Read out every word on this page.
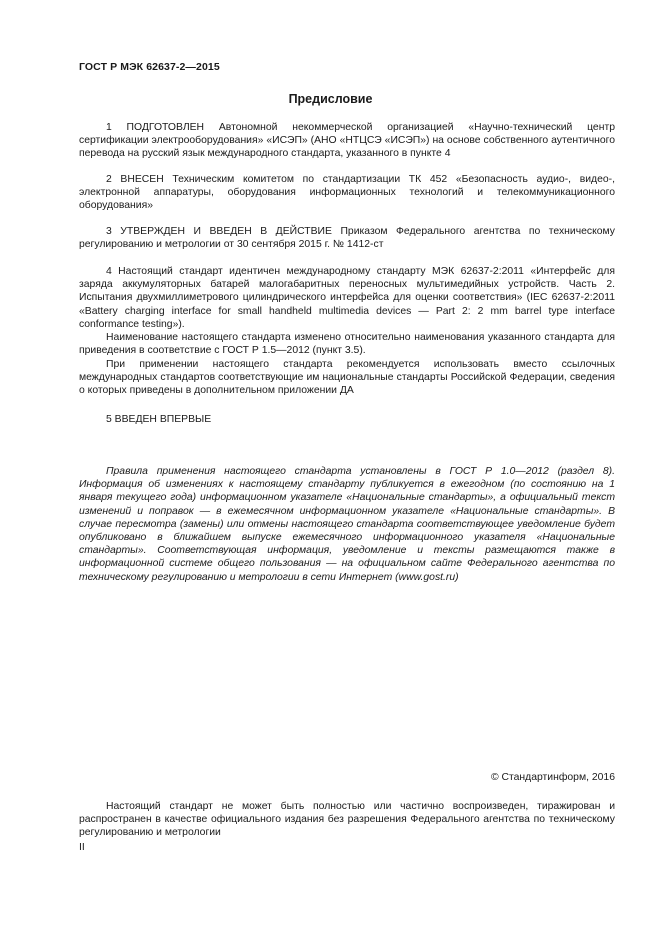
ГОСТ Р МЭК 62637-2—2015
Предисловие

1 ПОДГОТОВЛЕН Автономной некоммерческой организацией «Научно-технический центр сертификации электрооборудования» «ИСЭП» (АНО «НТЦСЭ «ИСЭП») на основе собственного аутентичного перевода на русский язык международного стандарта, указанного в пункте 4

2 ВНЕСЕН Техническим комитетом по стандартизации ТК 452 «Безопасность аудио-, видео-, электронной аппаратуры, оборудования информационных технологий и телекоммуникационного оборудования»

3 УТВЕРЖДЕН И ВВЕДЕН В ДЕЙСТВИЕ Приказом Федерального агентства по техническому регулированию и метрологии от 30 сентября 2015 г. № 1412-ст

4 Настоящий стандарт идентичен международному стандарту МЭК 62637-2:2011 «Интерфейс для заряда аккумуляторных батарей малогабаритных переносных мультимедийных устройств. Часть 2. Испытания двухмиллиметрового цилиндрического интерфейса для оценки соответствия» (IEC 62637-2:2011 «Battery charging interface for small handheld multimedia devices — Part 2: 2 mm barrel type interface conformance testing»).

Наименование настоящего стандарта изменено относительно наименования указанного стандарта для приведения в соответствие с ГОСТ Р 1.5—2012 (пункт 3.5).

При применении настоящего стандарта рекомендуется использовать вместо ссылочных международных стандартов соответствующие им национальные стандарты Российской Федерации, сведения о которых приведены в дополнительном приложении ДА

5 ВВЕДЕН ВПЕРВЫЕ

Правила применения настоящего стандарта установлены в ГОСТ Р 1.0—2012 (раздел 8). Информация об изменениях к настоящему стандарту публикуется в ежегодном (по состоянию на 1 января текущего года) информационном указателе «Национальные стандарты», а официальный текст изменений и поправок — в ежемесячном информационном указателе «Национальные стандарты». В случае пересмотра (замены) или отмены настоящего стандарта соответствующее уведомление будет опубликовано в ближайшем выпуске ежемесячного информационного указателя «Национальные стандарты». Соответствующая информация, уведомление и тексты размещаются также в информационной системе общего пользования — на официальном сайте Федерального агентства по техническому регулированию и метрологии в сети Интернет (www.gost.ru)

© Стандартинформ, 2016

Настоящий стандарт не может быть полностью или частично воспроизведен, тиражирован и распространен в качестве официального издания без разрешения Федерального агентства по техническому регулированию и метрологии

II
